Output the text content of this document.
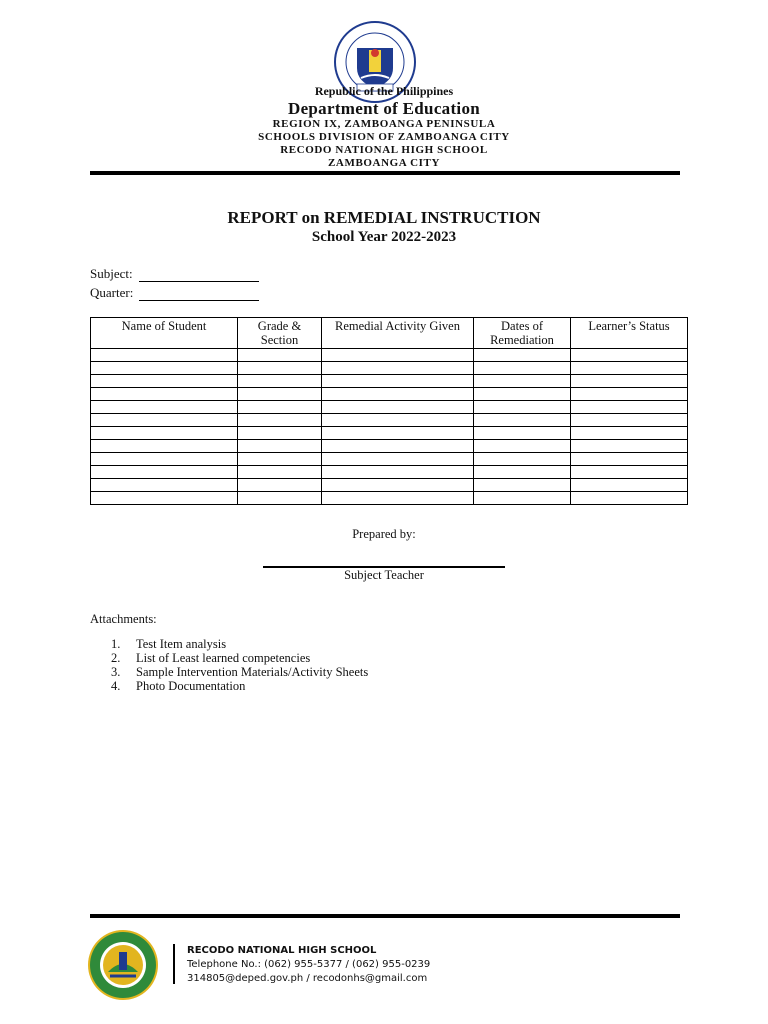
Republic of the Philippines
Department of Education
REGION IX, ZAMBOANGA PENINSULA
SCHOOLS DIVISION OF ZAMBOANGA CITY
RECODO NATIONAL HIGH SCHOOL
ZAMBOANGA CITY
REPORT on REMEDIAL INSTRUCTION
School Year 2022-2023
Subject:
Quarter:
Name of Student	Grade & Section	Remedial Activity Given	Dates of Remediation	Learner’s Status

Prepared by:
Subject Teacher
Attachments:
1. Test Item analysis
2. List of Least learned competencies
3. Sample Intervention Materials/Activity Sheets
4. Photo Documentation
RECODO NATIONAL HIGH SCHOOL
Telephone No.: (062) 955-5377 / (062) 955-0239
314805@deped.gov.ph / recodonhs@gmail.com
